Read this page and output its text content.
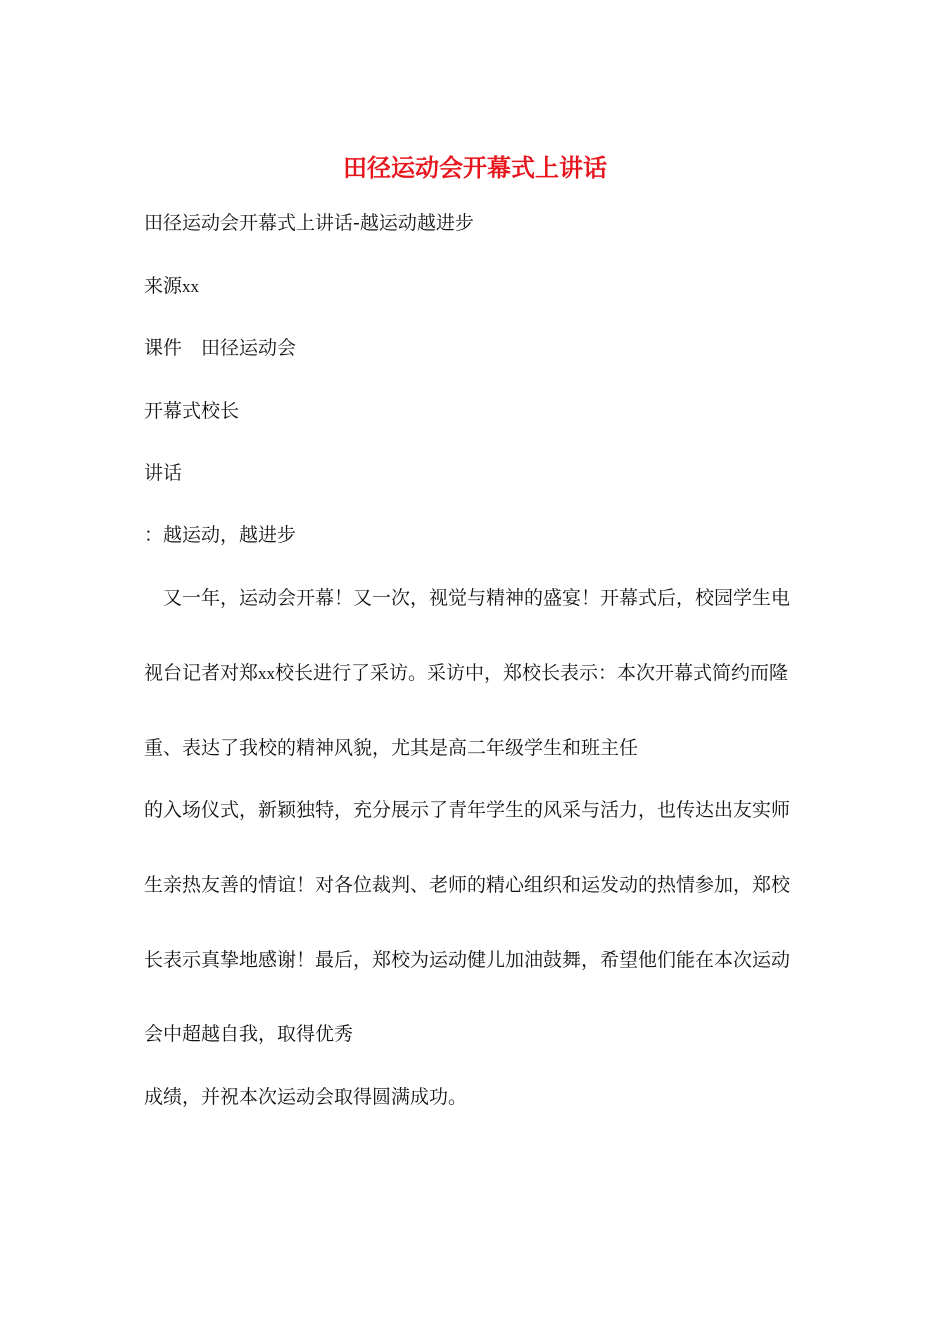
田径运动会开幕式上讲话
田径运动会开幕式上讲话-越运动越进步
来源xx
课件　田径运动会
开幕式校长
讲话
：越运动，越进步
　又一年，运动会开幕！又一次，视觉与精神的盛宴！开幕式后，校园学生电
视台记者对郑xx校长进行了采访。采访中，郑校长表示：本次开幕式简约而隆
重、表达了我校的精神风貌，尤其是高二年级学生和班主任
的入场仪式，新颖独特，充分展示了青年学生的风采与活力，也传达出友实师
生亲热友善的情谊！对各位裁判、老师的精心组织和运发动的热情参加，郑校
长表示真挚地感谢！最后，郑校为运动健儿加油鼓舞，希望他们能在本次运动
会中超越自我，取得优秀
成绩，并祝本次运动会取得圆满成功。
